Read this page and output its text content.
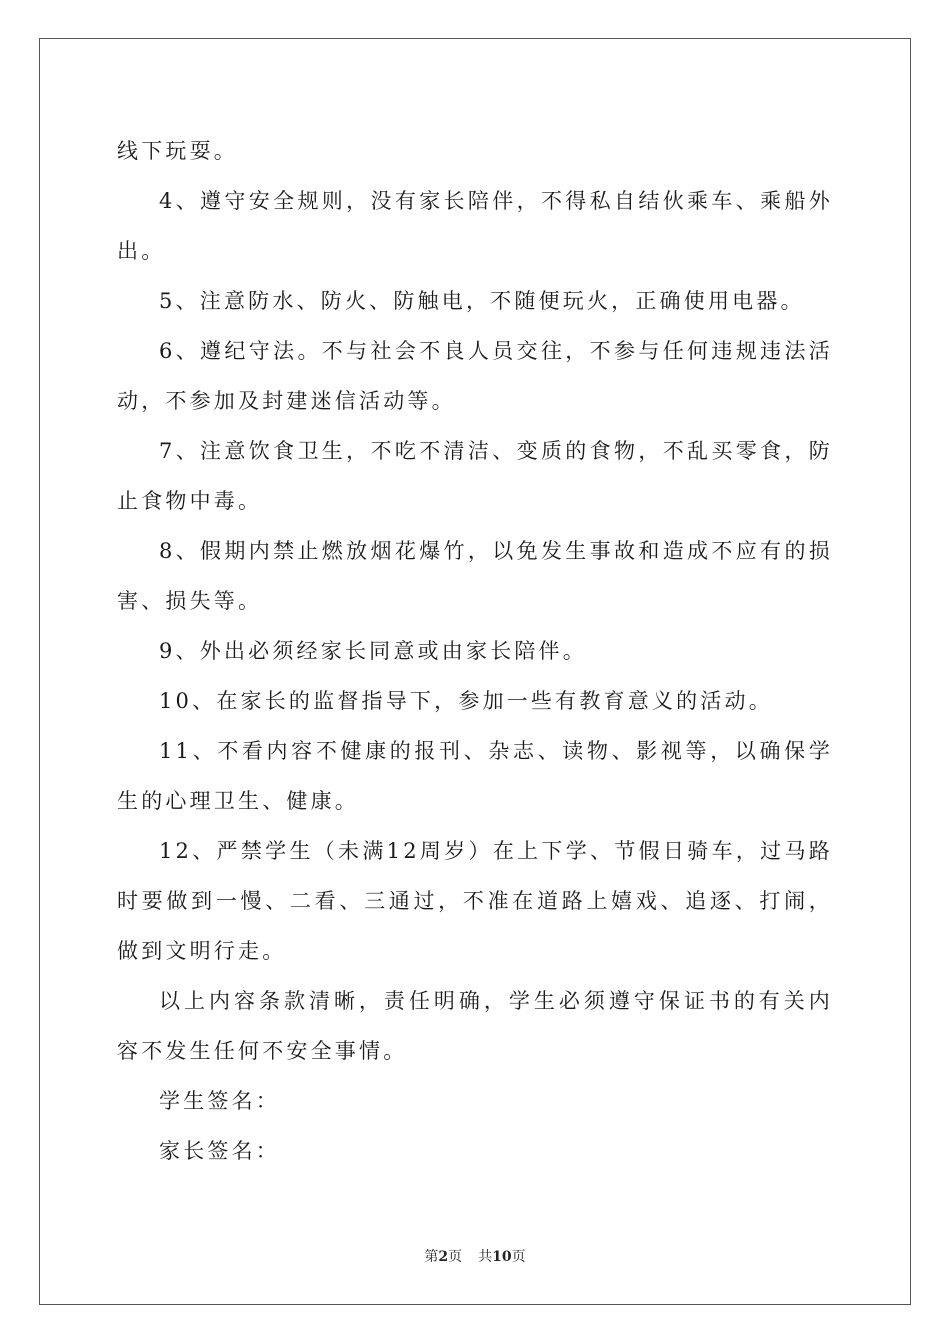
线下玩耍。

4、遵守安全规则，没有家长陪伴，不得私自结伙乘车、乘船外出。

5、注意防水、防火、防触电，不随便玩火，正确使用电器。

6、遵纪守法。不与社会不良人员交往，不参与任何违规违法活动，不参加及封建迷信活动等。

7、注意饮食卫生，不吃不清洁、变质的食物，不乱买零食，防止食物中毒。

8、假期内禁止燃放烟花爆竹，以免发生事故和造成不应有的损害、损失等。

9、外出必须经家长同意或由家长陪伴。

10、在家长的监督指导下，参加一些有教育意义的活动。

11、不看内容不健康的报刊、杂志、读物、影视等，以确保学生的心理卫生、健康。

12、严禁学生（未满12周岁）在上下学、节假日骑车，过马路时要做到一慢、二看、三通过，不准在道路上嬉戏、追逐、打闹，做到文明行走。

以上内容条款清晰，责任明确，学生必须遵守保证书的有关内容不发生任何不安全事情。

学生签名：

家长签名：

第2页 共10页
